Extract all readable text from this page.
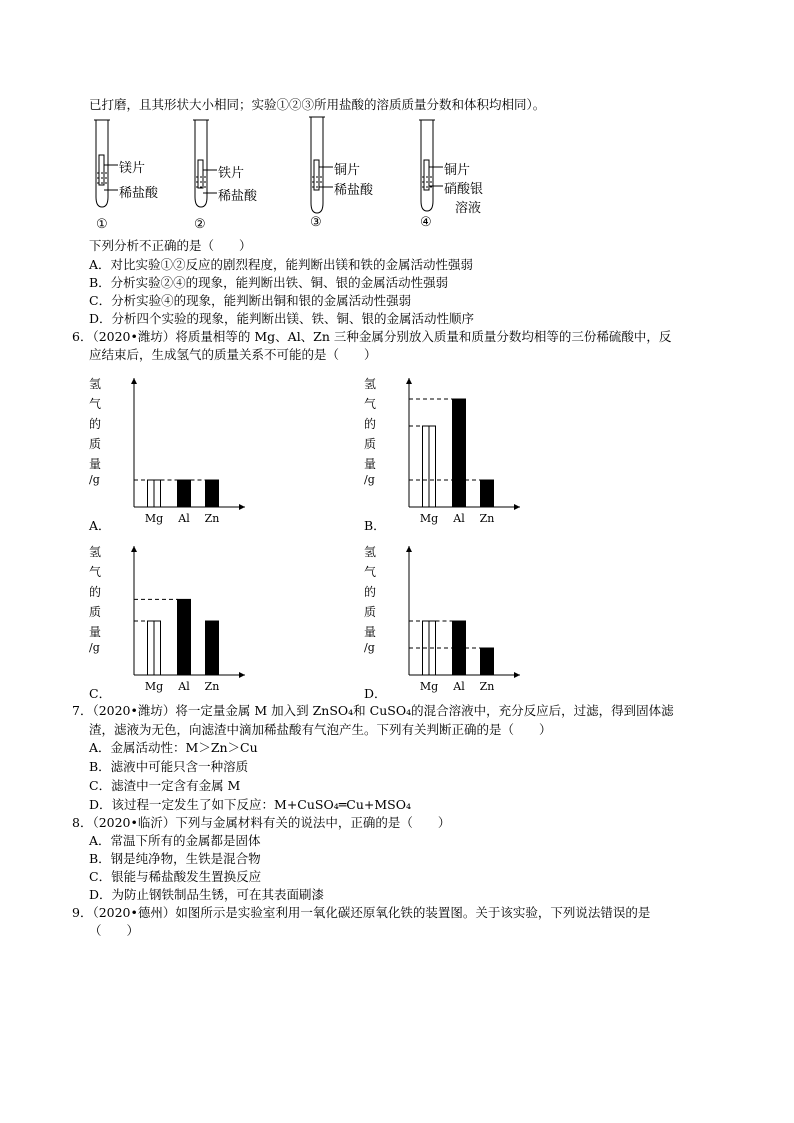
已打磨，且其形状大小相同；实验①②③所用盐酸的溶质质量分数和体积均相同）。
镁片
稀盐酸
①
铁片
稀盐酸
②
铜片
稀盐酸
③
铜片
硝酸银
溶液
④
下列分析不正确的是（　　）
A．对比实验①②反应的剧烈程度，能判断出镁和铁的金属活动性强弱
B．分析实验②④的现象，能判断出铁、铜、银的金属活动性强弱
C．分析实验④的现象，能判断出铜和银的金属活动性强弱
D．分析四个实验的现象，能判断出镁、铁、铜、银的金属活动性顺序
6．（2020•潍坊）将质量相等的 Mg、Al、Zn 三种金属分别放入质量和质量分数均相等的三份稀硫酸中，反
应结束后，生成氢气的质量关系不可能的是（　　）
氢
气
的
质
量
/g
Mg	Al	Zn
氢
气
的
质
量
/g
Mg	Al	Zn
氢
气
的
质
量
/g
Mg	Al	Zn
氢
气
的
质
量
/g
Mg	Al	Zn
A．	B．
C．	D．
7．（2020•潍坊）将一定量金属 M 加入到 ZnSO₄和 CuSO₄的混合溶液中，充分反应后，过滤，得到固体滤
渣，滤液为无色，向滤渣中滴加稀盐酸有气泡产生。下列有关判断正确的是（　　）
A．金属活动性：M＞Zn＞Cu
B．滤液中可能只含一种溶质
C．滤渣中一定含有金属 M
D．该过程一定发生了如下反应：M+CuSO₄═Cu+MSO₄
8．（2020•临沂）下列与金属材料有关的说法中，正确的是（　　）
A．常温下所有的金属都是固体
B．钢是纯净物，生铁是混合物
C．银能与稀盐酸发生置换反应
D．为防止钢铁制品生锈，可在其表面刷漆
9．（2020•德州）如图所示是实验室利用一氧化碳还原氧化铁的装置图。关于该实验，下列说法错误的是
（　　）
